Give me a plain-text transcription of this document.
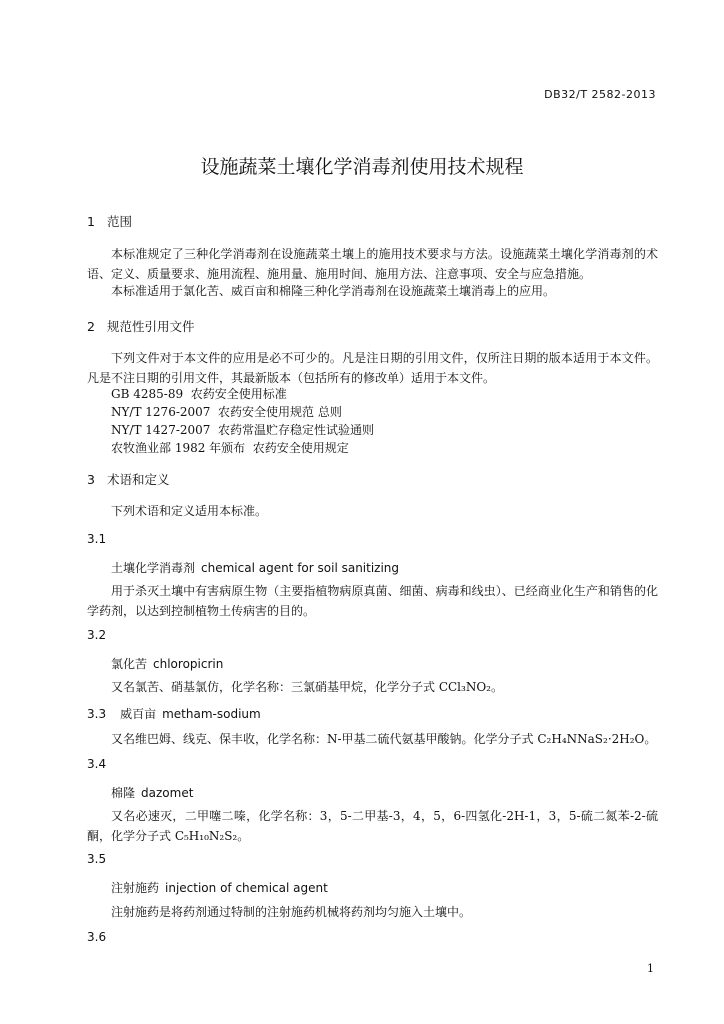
DB32/T 2582-2013
设施蔬菜土壤化学消毒剂使用技术规程
1 范围
本标准规定了三种化学消毒剂在设施蔬菜土壤上的施用技术要求与方法。设施蔬菜土壤化学消毒剂的术语、定义、质量要求、施用流程、施用量、施用时间、施用方法、注意事项、安全与应急措施。
本标准适用于氯化苦、威百亩和棉隆三种化学消毒剂在设施蔬菜土壤消毒上的应用。
2 规范性引用文件
下列文件对于本文件的应用是必不可少的。凡是注日期的引用文件，仅所注日期的版本适用于本文件。凡是不注日期的引用文件，其最新版本（包括所有的修改单）适用于本文件。
GB 4285-89  农药安全使用标准
NY/T 1276-2007  农药安全使用规范 总则
NY/T 1427-2007  农药常温贮存稳定性试验通则
农牧渔业部 1982 年颁布  农药安全使用规定
3 术语和定义
下列术语和定义适用本标准。
3.1
土壤化学消毒剂 chemical agent for soil sanitizing
用于杀灭土壤中有害病原生物（主要指植物病原真菌、细菌、病毒和线虫）、已经商业化生产和销售的化学药剂，以达到控制植物土传病害的目的。
3.2
氯化苦 chloropicrin
又名氯苦、硝基氯仿，化学名称：三氯硝基甲烷，化学分子式 CCl₃NO₂。
3.3 威百亩 metham-sodium
又名维巴姆、线克、保丰收，化学名称：N-甲基二硫代氨基甲酸钠。化学分子式 C₂H₄NNaS₂·2H₂O。
3.4
棉隆 dazomet
又名必速灭，二甲噻二嗪，化学名称：3，5-二甲基-3，4，5，6-四氢化-2H-1，3，5-硫二氮苯-2-硫酮，化学分子式 C₅H₁₀N₂S₂。
3.5
注射施药 injection of chemical agent
注射施药是将药剂通过特制的注射施药机械将药剂均匀施入土壤中。
3.6
1
